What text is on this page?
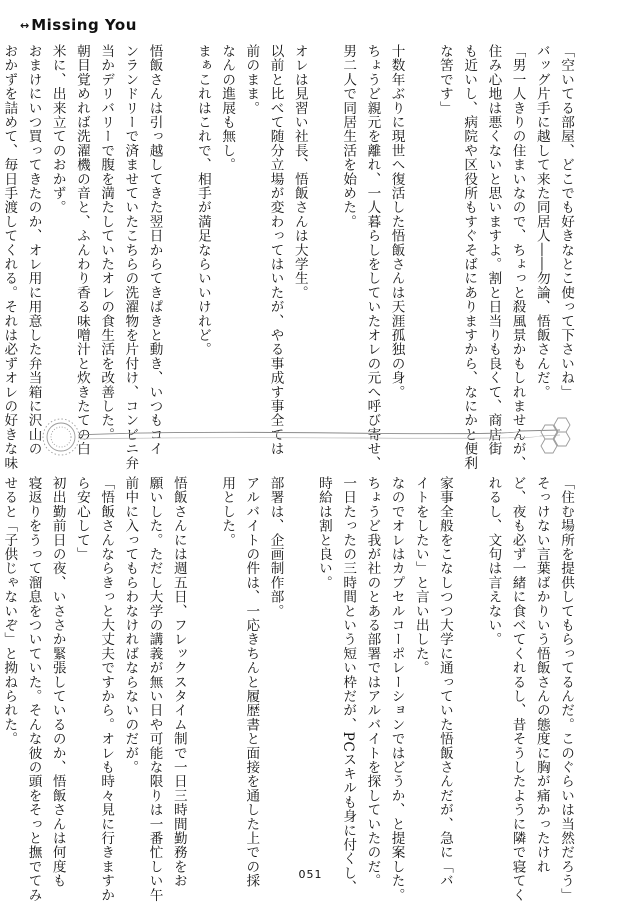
↔ Missing You

「空いてる部屋、どこでも好きなとこ使って下さいね」

バッグ片手に越して来た同居人――勿論、悟飯さんだ。

「男一人きりの住まいなので、ちょっと殺風景かもしれませんが、

住み心地は悪くないと思いますよ。割と日当りも良くて、商店街

も近いし、病院や区役所もすぐそばにありますから、なにかと便利

な筈です」

十数年ぶりに現世へ復活した悟飯さんは天涯孤独の身。

ちょうど親元を離れ、一人暮らしをしていたオレの元へ呼び寄せ、

男二人で同居生活を始めた。

オレは見習い社長、悟飯さんは大学生。

以前と比べて随分立場が変わってはいたが、やる事成す事全ては

前のまま。

なんの進展も無し。

まぁこれはこれで、相手が満足ならいいけれど。

悟飯さんは引っ越してきた翌日からてきぱきと動き、いつもコイ

ンランドリーで済ませていたこちらの洗濯物を片付け、コンビニ弁

当かデリバリーで腹を満たしていたオレの食生活を改善した。

朝目覚めれば洗濯機の音と、ふんわり香る味噌汁と炊きたての白

米に、出来立てのおかず。

おまけにいつ買ってきたのか、オレ用に用意した弁当箱に沢山の

おかずを詰めて、毎日手渡してくれる。それは必ずオレの好きな味

「住む場所を提供してもらってるんだ。このぐらいは当然だろう」

そっけない言葉ばかりいう悟飯さんの態度に胸が痛かったけれ

ど、夜も必ず一緒に食べてくれるし、昔そうしたように隣で寝てく

れるし、文句は言えない。

家事全般をこなしつつ大学に通っていた悟飯さんだが、急に「バ

イトをしたい」と言い出した。

なのでオレはカプセルコーポレーションではどうか、と提案した。

ちょうど我が社のとある部署ではアルバイトを探していたのだ。

一日たったの三時間という短い枠だが、PCスキルも身に付くし、

時給は割と良い。

部署は、企画制作部。

アルバイトの件は、一応きちんと履歴書と面接を通した上での採

用とした。

悟飯さんには週五日、フレックスタイム制で一日三時間勤務をお

願いした。ただし大学の講義が無い日や可能な限りは一番忙しい午

前中に入ってもらわなければならないのだが。

「悟飯さんならきっと大丈夫ですから。オレも時々見に行きますか

ら安心して」

初出勤前日の夜、いささか緊張しているのか、悟飯さんは何度も

寝返りをうって溜息をついていた。そんな彼の頭をそっと撫でてみ

せると「子供じゃないぞ」と拗ねられた。

051
